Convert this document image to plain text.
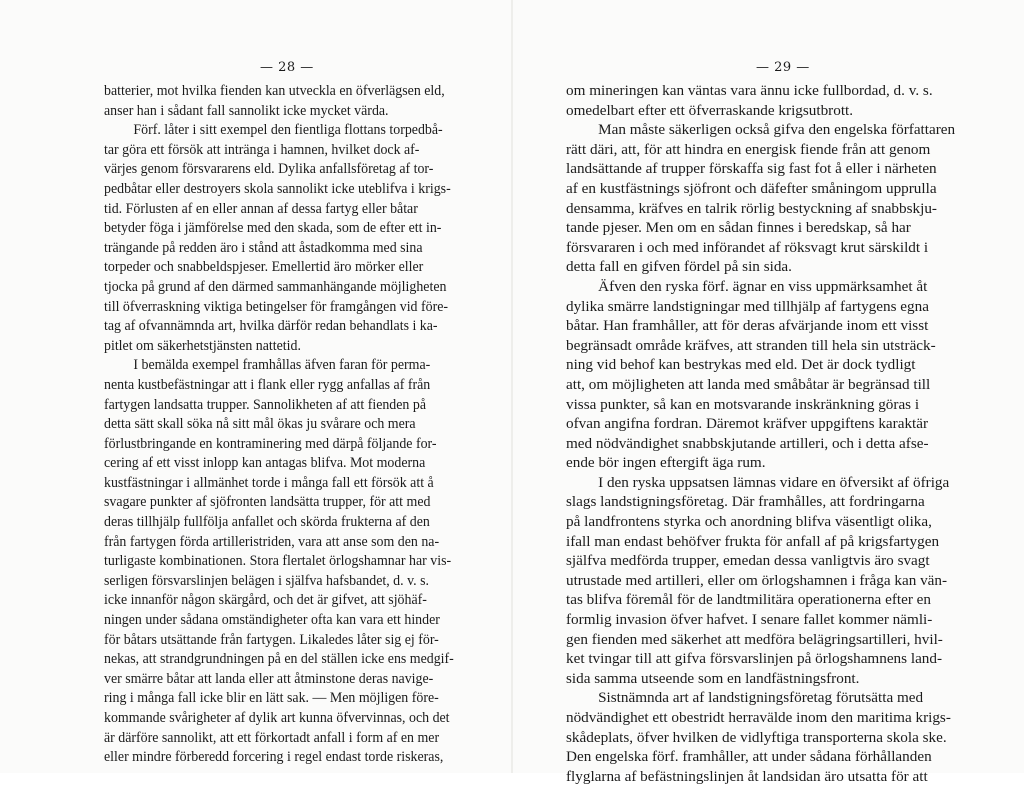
— 28 —
batterier, mot hvilka fienden kan utveckla en öfverlägsen eld,
anser han i sådant fall sannolikt icke mycket värda.
Förf. låter i sitt exempel den fientliga flottans torpedbå-
tar göra ett försök att intränga i hamnen, hvilket dock af-
värjes genom försvararens eld. Dylika anfallsföretag af tor-
pedbåtar eller destroyers skola sannolikt icke uteblifva i krigs-
tid. Förlusten af en eller annan af dessa fartyg eller båtar
betyder föga i jämförelse med den skada, som de efter ett in-
trängande på redden äro i stånd att åstadkomma med sina
torpeder och snabbeldspjeser. Emellertid äro mörker eller
tjocka på grund af den därmed sammanhängande möjligheten
till öfverraskning viktiga betingelser för framgången vid före-
tag af ofvannämnda art, hvilka därför redan behandlats i ka-
pitlet om säkerhetstjänsten nattetid.
I bemälda exempel framhållas äfven faran för perma-
nenta kustbefästningar att i flank eller rygg anfallas af från
fartygen landsatta trupper. Sannolikheten af att fienden på
detta sätt skall söka nå sitt mål ökas ju svårare och mera
förlustbringande en kontraminering med därpå följande for-
cering af ett visst inlopp kan antagas blifva. Mot moderna
kustfästningar i allmänhet torde i många fall ett försök att å
svagare punkter af sjöfronten landsätta trupper, för att med
deras tillhjälp fullfölja anfallet och skörda frukterna af den
från fartygen förda artilleristriden, vara att anse som den na-
turligaste kombinationen. Stora flertalet örlogshamnar har vis-
serligen försvarslinjen belägen i själfva hafsbandet, d. v. s.
icke innanför någon skärgård, och det är gifvet, att sjöhäf-
ningen under sådana omständigheter ofta kan vara ett hinder
för båtars utsättande från fartygen. Likaledes låter sig ej för-
nekas, att strandgrundningen på en del ställen icke ens medgif-
ver smärre båtar att landa eller att åtminstone deras navige-
ring i många fall icke blir en lätt sak. — Men möjligen före-
kommande svårigheter af dylik art kunna öfvervinnas, och det
är därföre sannolikt, att ett förkortadt anfall i form af en mer
eller mindre förberedd forcering i regel endast torde riskeras,
— 29 —
om mineringen kan väntas vara ännu icke fullbordad, d. v. s.
omedelbart efter ett öfverraskande krigsutbrott.
Man måste säkerligen också gifva den engelska författaren
rätt däri, att, för att hindra en energisk fiende från att genom
landsättande af trupper förskaffa sig fast fot å eller i närheten
af en kustfästnings sjöfront och däfefter småningom upprulla
densamma, kräfves en talrik rörlig bestyckning af snabbskju-
tande pjeser. Men om en sådan finnes i beredskap, så har
försvararen i och med införandet af röksvagt krut särskildt i
detta fall en gifven fördel på sin sida.
Äfven den ryska förf. ägnar en viss uppmärksamhet åt
dylika smärre landstigningar med tillhjälp af fartygens egna
båtar. Han framhåller, att för deras afvärjande inom ett visst
begränsadt område kräfves, att stranden till hela sin utsträck-
ning vid behof kan bestrykas med eld. Det är dock tydligt
att, om möjligheten att landa med småbåtar är begränsad till
vissa punkter, så kan en motsvarande inskränkning göras i
ofvan angifna fordran. Däremot kräfver uppgiftens karaktär
med nödvändighet snabbskjutande artilleri, och i detta afse-
ende bör ingen eftergift äga rum.
I den ryska uppsatsen lämnas vidare en öfversikt af öfriga
slags landstigningsföretag. Där framhålles, att fordringarna
på landfrontens styrka och anordning blifva väsentligt olika,
ifall man endast behöfver frukta för anfall af på krigsfartygen
själfva medförda trupper, emedan dessa vanligtvis äro svagt
utrustade med artilleri, eller om örlogshamnen i fråga kan vän-
tas blifva föremål för de landtmilitära operationerna efter en
formlig invasion öfver hafvet. I senare fallet kommer nämli-
gen fienden med säkerhet att medföra belägringsartilleri, hvil-
ket tvingar till att gifva försvarslinjen på örlogshamnens land-
sida samma utseende som en landfästningsfront.
Sistnämnda art af landstigningsföretag förutsätta med
nödvändighet ett obestridt herravälde inom den maritima krigs-
skådeplats, öfver hvilken de vidlyftiga transporterna skola ske.
Den engelska förf. framhåller, att under sådana förhållanden
flyglarna af befästningslinjen åt landsidan äro utsatta för att
